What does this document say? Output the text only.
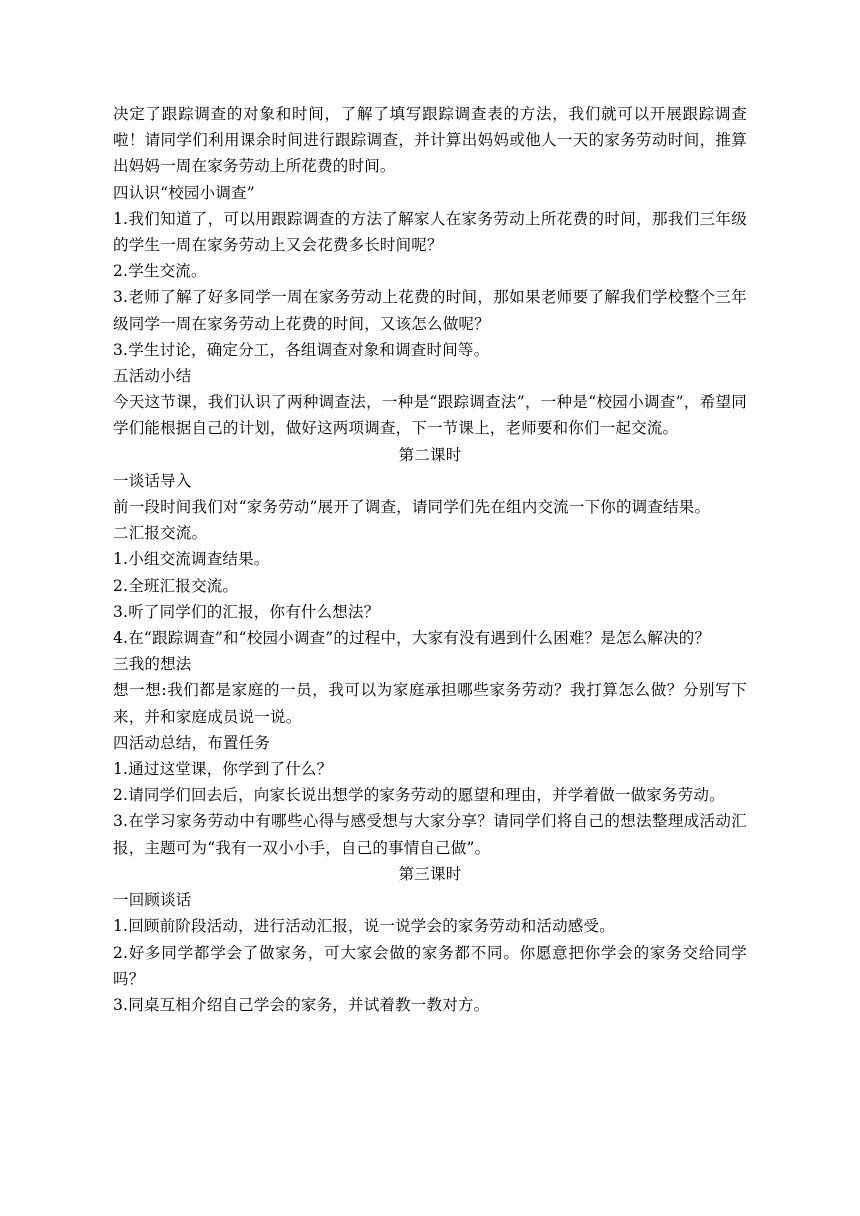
决定了跟踪调查的对象和时间，了解了填写跟踪调查表的方法，我们就可以开展跟踪调查啦！请同学们利用课余时间进行跟踪调查，并计算出妈妈或他人一天的家务劳动时间，推算出妈妈一周在家务劳动上所花费的时间。

四认识“校园小调查”

1.我们知道了，可以用跟踪调查的方法了解家人在家务劳动上所花费的时间，那我们三年级的学生一周在家务劳动上又会花费多长时间呢？

2.学生交流。

3.老师了解了好多同学一周在家务劳动上花费的时间，那如果老师要了解我们学校整个三年级同学一周在家务劳动上花费的时间，又该怎么做呢？

3.学生讨论，确定分工，各组调查对象和调查时间等。

五活动小结

今天这节课，我们认识了两种调查法，一种是“跟踪调查法”，一种是“校园小调查”，希望同学们能根据自己的计划，做好这两项调查，下一节课上，老师要和你们一起交流。

第二课时

一谈话导入

前一段时间我们对“家务劳动”展开了调查，请同学们先在组内交流一下你的调查结果。

二汇报交流。

1.小组交流调查结果。

2.全班汇报交流。

3.听了同学们的汇报，你有什么想法？

4.在“跟踪调查”和“校园小调查”的过程中，大家有没有遇到什么困难？是怎么解决的？

三我的想法

想一想:我们都是家庭的一员，我可以为家庭承担哪些家务劳动？我打算怎么做？分别写下来，并和家庭成员说一说。

四活动总结，布置任务

1.通过这堂课，你学到了什么？

2.请同学们回去后，向家长说出想学的家务劳动的愿望和理由，并学着做一做家务劳动。

3.在学习家务劳动中有哪些心得与感受想与大家分享？请同学们将自己的想法整理成活动汇报，主题可为“我有一双小小手，自己的事情自己做”。

第三课时

一回顾谈话

1.回顾前阶段活动，进行活动汇报，说一说学会的家务劳动和活动感受。

2.好多同学都学会了做家务，可大家会做的家务都不同。你愿意把你学会的家务交给同学吗？

3.同桌互相介绍自己学会的家务，并试着教一教对方。
